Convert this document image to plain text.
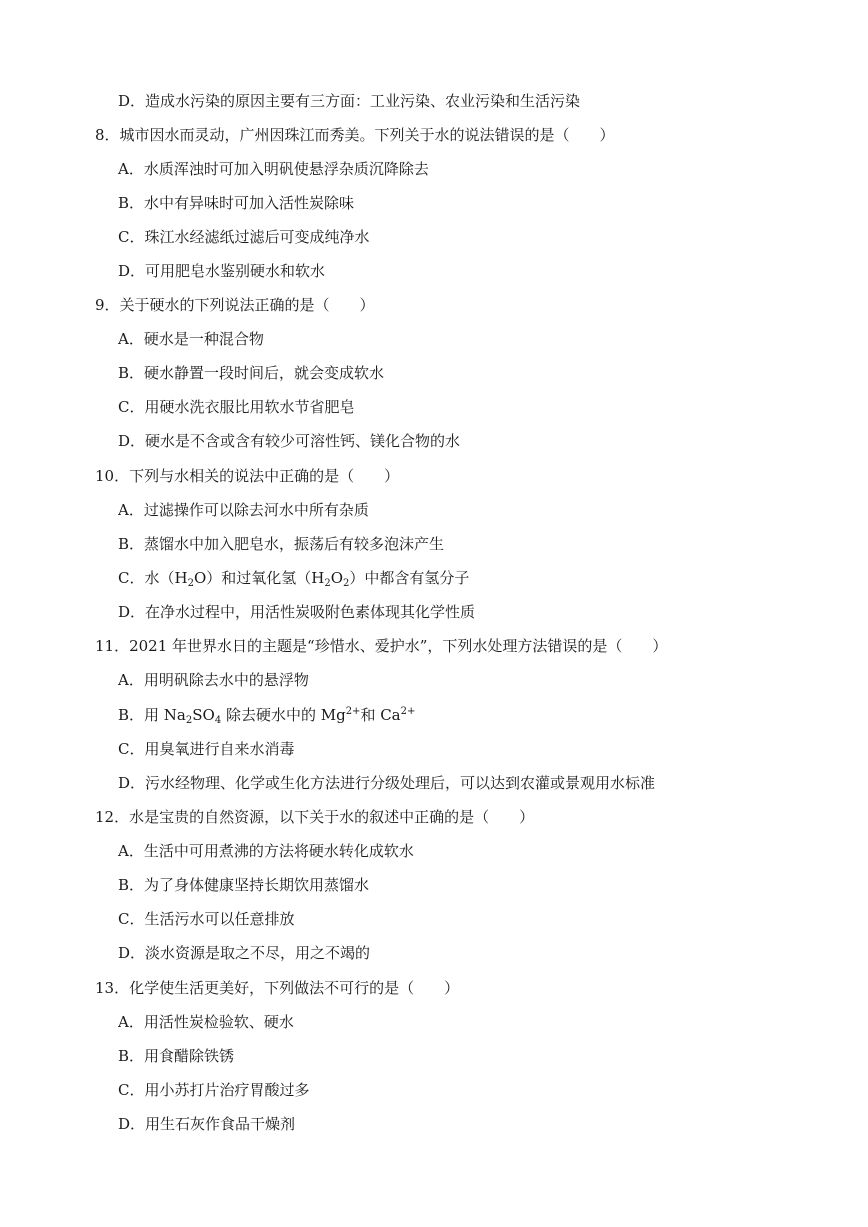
D．造成水污染的原因主要有三方面：工业污染、农业污染和生活污染
8．城市因水而灵动，广州因珠江而秀美。下列关于水的说法错误的是（　　）
A．水质浑浊时可加入明矾使悬浮杂质沉降除去
B．水中有异味时可加入活性炭除味
C．珠江水经滤纸过滤后可变成纯净水
D．可用肥皂水鉴别硬水和软水
9．关于硬水的下列说法正确的是（　　）
A．硬水是一种混合物
B．硬水静置一段时间后，就会变成软水
C．用硬水洗衣服比用软水节省肥皂
D．硬水是不含或含有较少可溶性钙、镁化合物的水
10．下列与水相关的说法中正确的是（　　）
A．过滤操作可以除去河水中所有杂质
B．蒸馏水中加入肥皂水，振荡后有较多泡沫产生
C．水$(H_2O)$和过氧化氢$(H_2O_2)$中都含有氢分子
D．在净水过程中，用活性炭吸附色素体现其化学性质
11．2021 年世界水日的主题是“珍惜水、爱护水”，下列水处理方法错误的是（　　）
A．用明矾除去水中的悬浮物
B．用 $Na_2SO_4$ 除去硬水中的 $Mg^{2+}$和 $Ca^{2+}$
C．用臭氧进行自来水消毒
D．污水经物理、化学或生化方法进行分级处理后，可以达到农灌或景观用水标准
12．水是宝贵的自然资源，以下关于水的叙述中正确的是（　　）
A．生活中可用煮沸的方法将硬水转化成软水
B．为了身体健康坚持长期饮用蒸馏水
C．生活污水可以任意排放
D．淡水资源是取之不尽，用之不竭的
13．化学使生活更美好，下列做法不可行的是（　　）
A．用活性炭检验软、硬水
B．用食醋除铁锈
C．用小苏打片治疗胃酸过多
D．用生石灰作食品干燥剂
